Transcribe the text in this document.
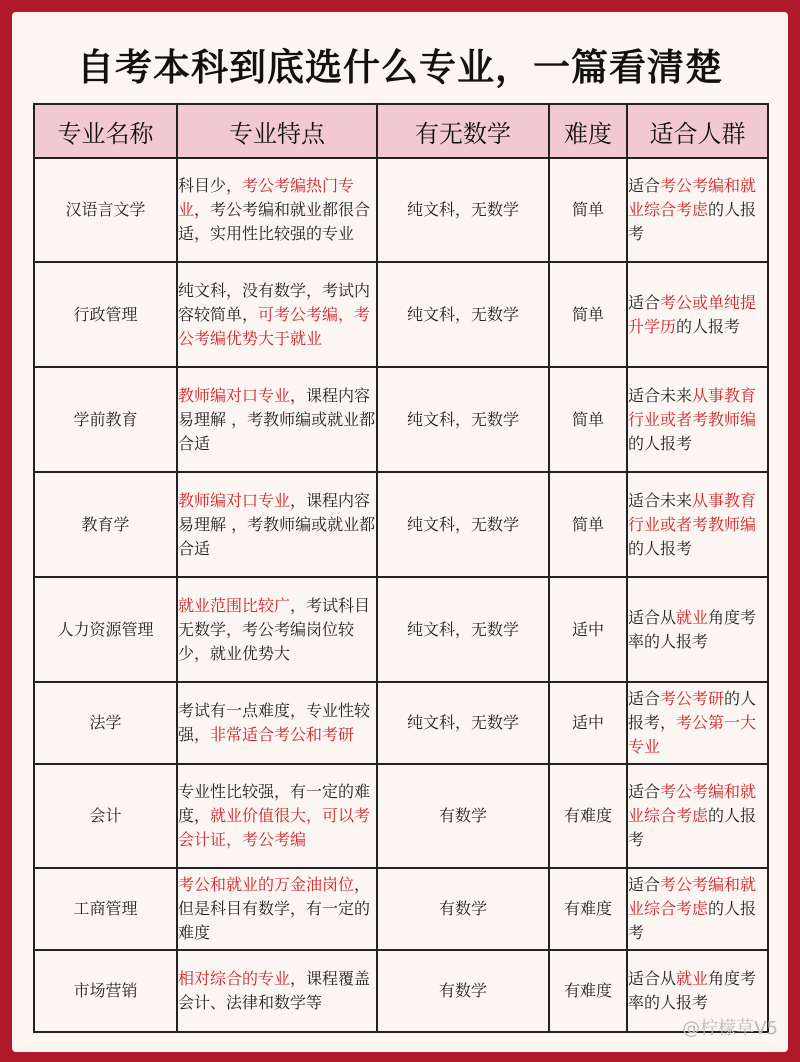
自考本科到底选什么专业，一篇看清楚
专业名称	专业特点	有无数学	难度	适合人群
汉语言文学	科目少，考公考编热门专业，考公考编和就业都很合适，实用性比较强的专业	纯文科，无数学	简单	适合考公考编和就业综合考虑的人报考
行政管理	纯文科，没有数学，考试内容较简单，可考公考编，考公考编优势大于就业	纯文科，无数学	简单	适合考公或单纯提升学历的人报考
学前教育	教师编对口专业，课程内容易理解 ，考教师编或就业都合适	纯文科，无数学	简单	适合未来从事教育行业或者考教师编的人报考
教育学	教师编对口专业，课程内容易理解 ，考教师编或就业都合适	纯文科，无数学	简单	适合未来从事教育行业或者考教师编的人报考
人力资源管理	就业范围比较广，考试科目无数学，考公考编岗位较少，就业优势大	纯文科，无数学	适中	适合从就业角度考率的人报考
法学	考试有一点难度，专业性较强，非常适合考公和考研	纯文科，无数学	适中	适合考公考研的人报考，考公第一大专业
会计	专业性比较强，有一定的难度，就业价值很大，可以考会计证，考公考编	有数学	有难度	适合考公考编和就业综合考虑的人报考
工商管理	考公和就业的万金油岗位，但是科目有数学，有一定的难度	有数学	有难度	适合考公考编和就业综合考虑的人报考
市场营销	相对综合的专业，课程覆盖会计、法律和数学等	有数学	有难度	适合从就业角度考率的人报考
@柠檬草V5
